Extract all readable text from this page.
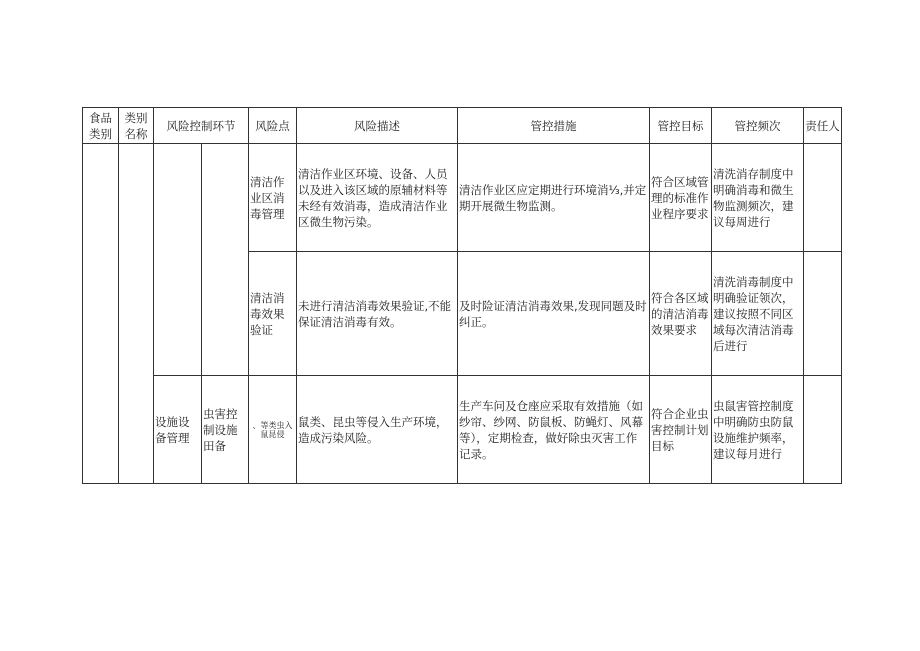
食品类别	类别名称	风险控制环节		风险点	风险描述	管控措施	管控目标	管控频次	责任人
				清洁作业区消毒管理	清洁作业区环境、设备、人员以及进入该区域的原辅材料等未经有效消毒，造成清洁作业区微生物污染。	清洁作业区应定期进行环境消⅓,并定期开展微生物监测。	符合区域管理的标准作业程序要求	清洗消存制度中明确消毒和微生物监测频次，建议每周进行	
				清洁消毒效果验证	未进行清洁消毒效果验证,不能保证清洁消毒有效。	及时险证清洁消毒效果,发现同题及时纠正。	符合各区域的清洁消毒效果要求	清洗消毒制度中明确验证领次，建议按照不同区域每次清洁消毒后进行	
		设施设备管理	虫害控制设施田备	、等类虫入鼠昆侵	鼠类、昆虫等侵入生产环境，造成污染风险。	生产车问及仓座应采取有效措施（如纱帘、纱网、防鼠板、防蝇灯、风幕等），定期检查，做好除虫灭害工作记录。	符合企业虫害控制计划目标	虫鼠害管控制度中明确防虫防鼠设施维护频率，建议每月进行	
